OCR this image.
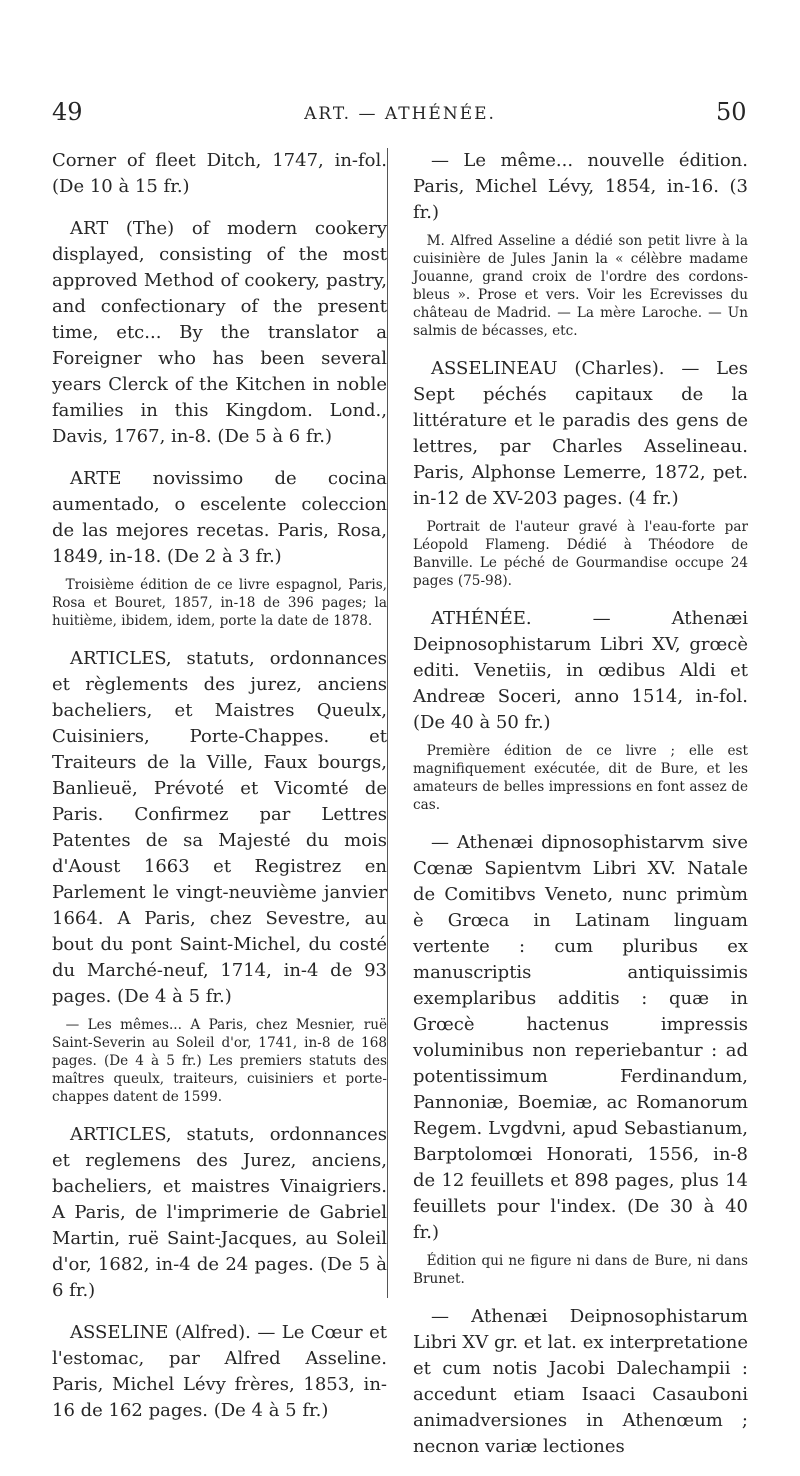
49	ART. — ATHÉNÉE.	50

Corner of fleet Ditch, 1747, in-fol. (De 10 à 15 fr.)

ART (The) of modern cookery displayed, consisting of the most approved Method of cookery, pastry, and confectionary of the present time, etc... By the translator a Foreigner who has been several years Clerck of the Kitchen in noble families in this Kingdom. Lond., Davis, 1767, in-8. (De 5 à 6 fr.)

ARTE novissimo de cocina aumentado, o escelente coleccion de las mejores recetas. Paris, Rosa, 1849, in-18. (De 2 à 3 fr.)

Troisième édition de ce livre espagnol, Paris, Rosa et Bouret, 1857, in-18 de 396 pages; la huitième, ibidem, idem, porte la date de 1878.

ARTICLES, statuts, ordonnances et règlements des jurez, anciens bacheliers, et Maistres Queulx, Cuisiniers, Porte-Chappes. et Traiteurs de la Ville, Faux bourgs, Banlieuë, Prévoté et Vicomté de Paris. Confirmez par Lettres Patentes de sa Majesté du mois d'Aoust 1663 et Registrez en Parlement le vingt-neuvième janvier 1664. A Paris, chez Sevestre, au bout du pont Saint-Michel, du costé du Marché-neuf, 1714, in-4 de 93 pages. (De 4 à 5 fr.)

— Les mêmes... A Paris, chez Mesnier, ruë Saint-Severin au Soleil d'or, 1741, in-8 de 168 pages. (De 4 à 5 fr.) Les premiers statuts des maîtres queulx, traiteurs, cuisiniers et porte-chappes datent de 1599.

ARTICLES, statuts, ordonnances et reglemens des Jurez, anciens, bacheliers, et maistres Vinaigriers. A Paris, de l'imprimerie de Gabriel Martin, ruë Saint-Jacques, au Soleil d'or, 1682, in-4 de 24 pages. (De 5 à 6 fr.)

ASSELINE (Alfred). — Le Cœur et l'estomac, par Alfred Asseline. Paris, Michel Lévy frères, 1853, in-16 de 162 pages. (De 4 à 5 fr.)

— Le même... nouvelle édition. Paris, Michel Lévy, 1854, in-16. (3 fr.)

M. Alfred Asseline a dédié son petit livre à la cuisinière de Jules Janin la « célèbre madame Jouanne, grand croix de l'ordre des cordons-bleus ». Prose et vers. Voir les Ecrevisses du château de Madrid. — La mère Laroche. — Un salmis de bécasses, etc.

ASSELINEAU (Charles). — Les Sept péchés capitaux de la littérature et le paradis des gens de lettres, par Charles Asselineau. Paris, Alphonse Lemerre, 1872, pet. in-12 de XV-203 pages. (4 fr.)

Portrait de l'auteur gravé à l'eau-forte par Léopold Flameng. Dédié à Théodore de Banville. Le péché de Gourmandise occupe 24 pages (75-98).

ATHÉNÉE. — Athenæi Deipnosophistarum Libri XV, grœcè editi. Venetiis, in œdibus Aldi et Andreæ Soceri, anno 1514, in-fol. (De 40 à 50 fr.)

Première édition de ce livre ; elle est magnifiquement exécutée, dit de Bure, et les amateurs de belles impressions en font assez de cas.

— Athenæi dipnosophistarvm sive Cœnæ Sapientvm Libri XV. Natale de Comitibvs Veneto, nunc primùm è Grœca in Latinam linguam vertente : cum pluribus ex manuscriptis antiquissimis exemplaribus additis : quæ in Grœcè hactenus impressis voluminibus non reperiebantur : ad potentissimum Ferdinandum, Pannoniæ, Boemiæ, ac Romanorum Regem. Lvgdvni, apud Sebastianum, Barptolomœi Honorati, 1556, in-8 de 12 feuillets et 898 pages, plus 14 feuillets pour l'index. (De 30 à 40 fr.)

Édition qui ne figure ni dans de Bure, ni dans Brunet.

— Athenæi Deipnosophistarum Libri XV gr. et lat. ex interpretatione et cum notis Jacobi Dalechampii : accedunt etiam Isaaci Casauboni animadversiones in Athenœum ; necnon variæ lectiones
